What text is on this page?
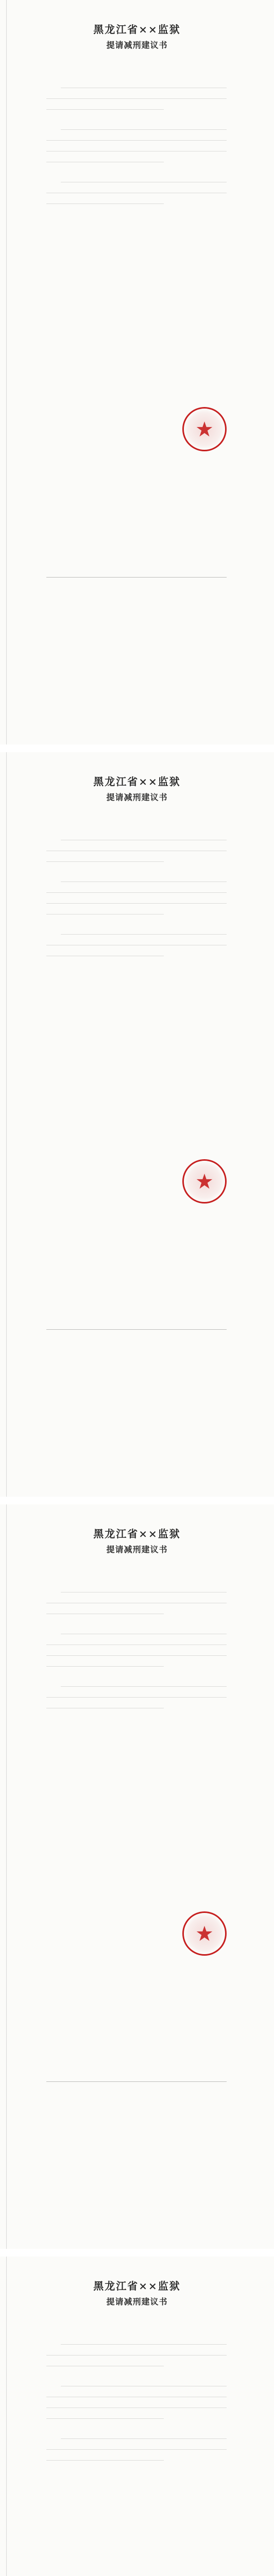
黑龙江省××监狱
提请减刑建议书
黑龙江省××监狱
提请减刑建议书
黑龙江省××监狱
提请减刑建议书
黑龙江省××监狱
提请减刑建议书
